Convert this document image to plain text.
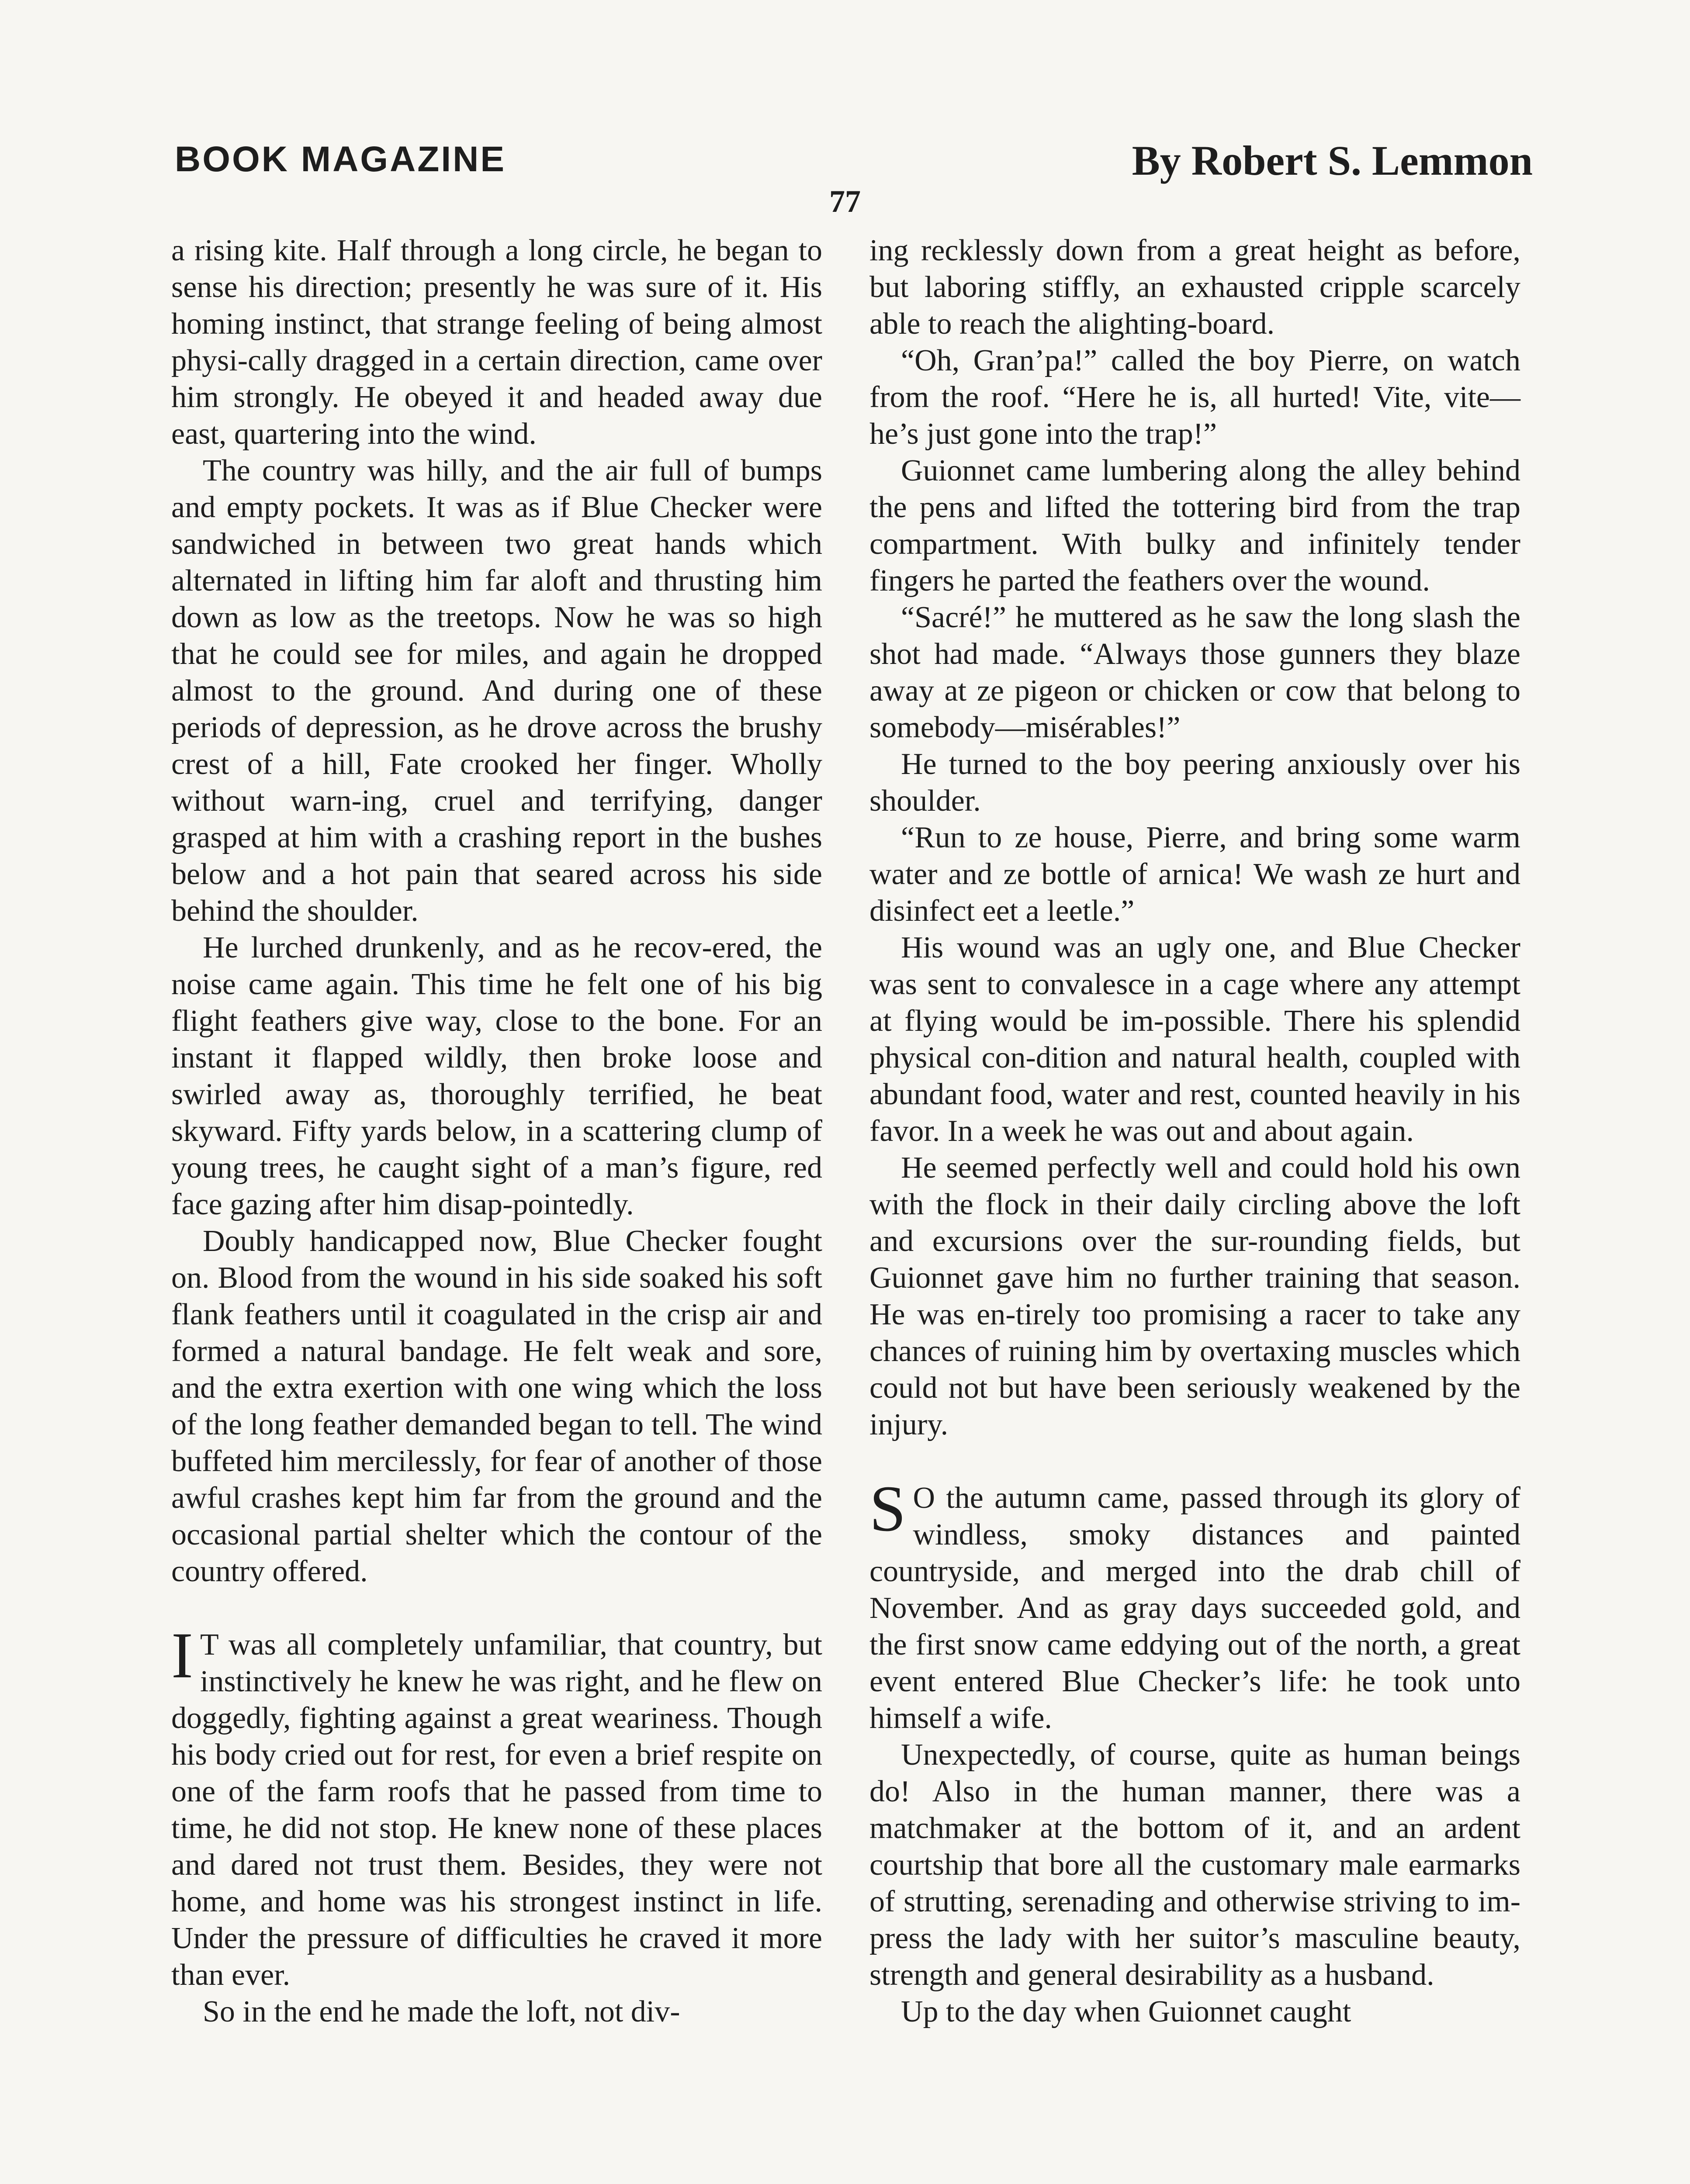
BOOK MAGAZINE	By Robert S. Lemmon
77

a rising kite. Half through a long circle, he began to sense his direction; presently he was sure of it. His homing instinct, that strange feeling of being almost physi-cally dragged in a certain direction, came over him strongly. He obeyed it and headed away due east, quartering into the wind.

The country was hilly, and the air full of bumps and empty pockets. It was as if Blue Checker were sandwiched in between two great hands which alternated in lifting him far aloft and thrusting him down as low as the treetops. Now he was so high that he could see for miles, and again he dropped almost to the ground. And during one of these periods of depression, as he drove across the brushy crest of a hill, Fate crooked her finger. Wholly without warn-ing, cruel and terrifying, danger grasped at him with a crashing report in the bushes below and a hot pain that seared across his side behind the shoulder.

He lurched drunkenly, and as he recov-ered, the noise came again. This time he felt one of his big flight feathers give way, close to the bone. For an instant it flapped wildly, then broke loose and swirled away as, thoroughly terrified, he beat skyward. Fifty yards below, in a scattering clump of young trees, he caught sight of a man’s figure, red face gazing after him disap-pointedly.

Doubly handicapped now, Blue Checker fought on. Blood from the wound in his side soaked his soft flank feathers until it coagulated in the crisp air and formed a natural bandage. He felt weak and sore, and the extra exertion with one wing which the loss of the long feather demanded began to tell. The wind buffeted him mercilessly, for fear of another of those awful crashes kept him far from the ground and the occasional partial shelter which the contour of the country offered.

I T was all completely unfamiliar, that country, but instinctively he knew he was right, and he flew on doggedly, fighting against a great weariness. Though his body cried out for rest, for even a brief respite on one of the farm roofs that he passed from time to time, he did not stop. He knew none of these places and dared not trust them. Besides, they were not home, and home was his strongest instinct in life. Under the pressure of difficulties he craved it more than ever.

So in the end he made the loft, not div-

ing recklessly down from a great height as before, but laboring stiffly, an exhausted cripple scarcely able to reach the alighting-board.

“Oh, Gran’pa!” called the boy Pierre, on watch from the roof. “Here he is, all hurted! Vite, vite—he’s just gone into the trap!”

Guionnet came lumbering along the alley behind the pens and lifted the tottering bird from the trap compartment. With bulky and infinitely tender fingers he parted the feathers over the wound.

“Sacré!” he muttered as he saw the long slash the shot had made. “Always those gunners they blaze away at ze pigeon or chicken or cow that belong to somebody—misérables!”

He turned to the boy peering anxiously over his shoulder.

“Run to ze house, Pierre, and bring some warm water and ze bottle of arnica! We wash ze hurt and disinfect eet a leetle.”

His wound was an ugly one, and Blue Checker was sent to convalesce in a cage where any attempt at flying would be im-possible. There his splendid physical con-dition and natural health, coupled with abundant food, water and rest, counted heavily in his favor. In a week he was out and about again.

He seemed perfectly well and could hold his own with the flock in their daily circling above the loft and excursions over the sur-rounding fields, but Guionnet gave him no further training that season. He was en-tirely too promising a racer to take any chances of ruining him by overtaxing muscles which could not but have been seriously weakened by the injury.

S O the autumn came, passed through its glory of windless, smoky distances and painted countryside, and merged into the drab chill of November. And as gray days succeeded gold, and the first snow came eddying out of the north, a great event entered Blue Checker’s life: he took unto himself a wife.

Unexpectedly, of course, quite as human beings do! Also in the human manner, there was a matchmaker at the bottom of it, and an ardent courtship that bore all the customary male earmarks of strutting, serenading and otherwise striving to im-press the lady with her suitor’s masculine beauty, strength and general desirability as a husband.

Up to the day when Guionnet caught
